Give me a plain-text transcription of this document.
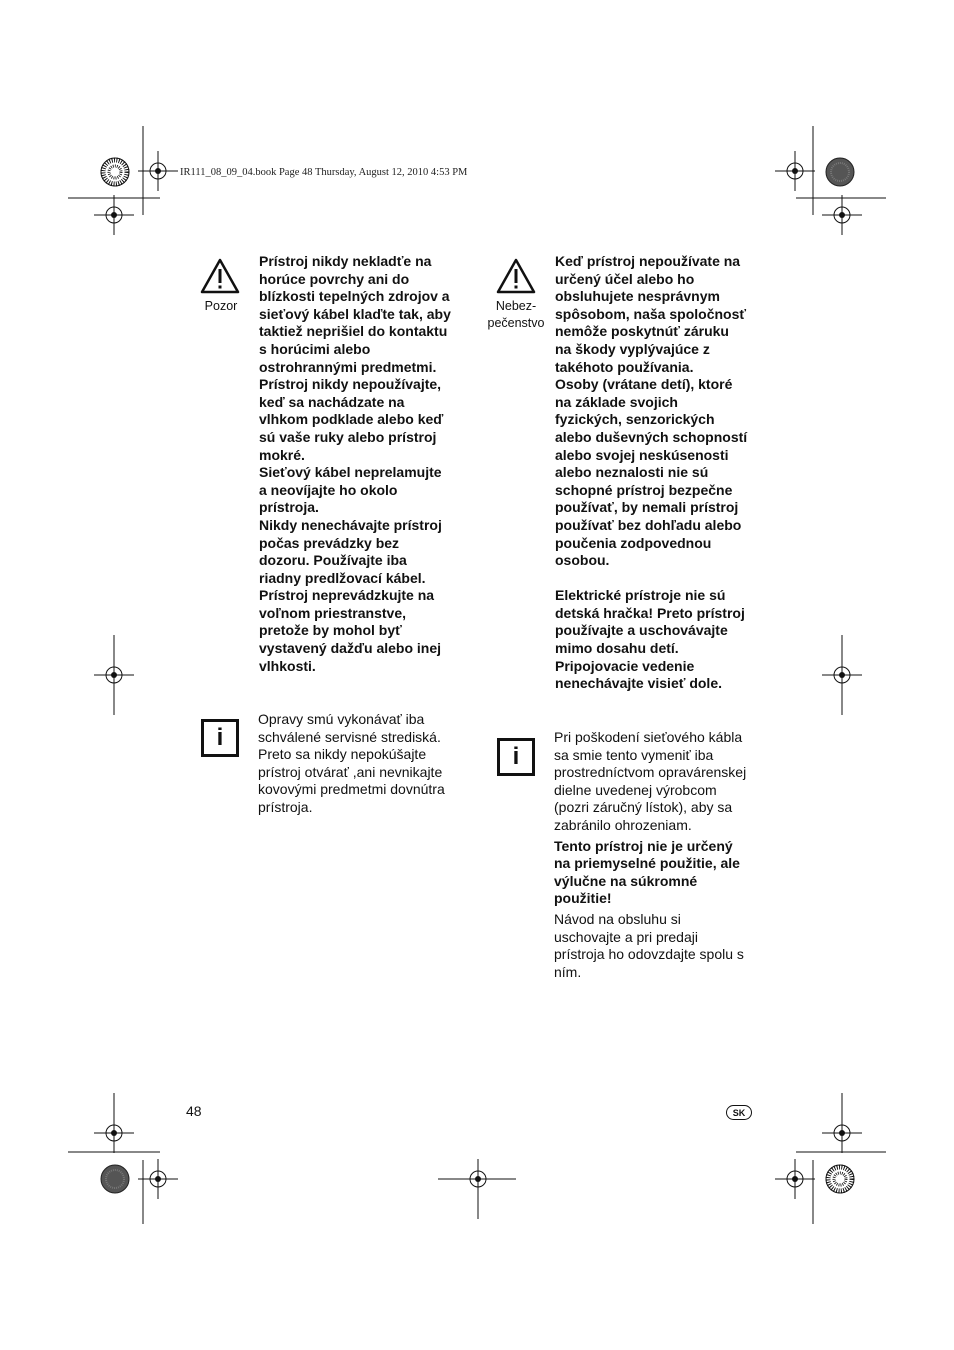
IR111_08_09_04.book Page 48 Thursday, August 12, 2010 4:53 PM
Pozor

Prístroj nikdy nekladťe na
horúce povrchy ani do
blízkosti tepelných zdrojov a
sieťový kábel klaďte tak, aby
taktiež neprišiel do kontaktu
s horúcimi alebo
ostrohrannými predmetmi.

Prístroj nikdy nepoužívajte,
keď sa nachádzate na
vlhkom podklade alebo keď
sú vaše ruky alebo prístroj
mokré.

Sieťový kábel neprelamujte
a neovíjajte ho okolo
prístroja.

Nikdy nenechávajte prístroj
počas prevádzky bez
dozoru. Používajte iba
riadny predlžovací kábel.

Prístroj neprevádzkujte na
voľnom priestranstve,
pretože by mohol byť
vystavený dažďu alebo inej
vlhkosti.

i

Opravy smú vykonávať iba
schválené servisné strediská.
Preto sa nikdy nepokúšajte
prístroj otvárať ,ani nevnikajte
kovovými predmetmi dovnútra
prístroja.

Nebez-
pečenstvo

Keď prístroj nepoužívate na
určený účel alebo ho
obsluhujete nesprávnym
spôsobom, naša spoločnosť
nemôže poskytnúť záruku
na škody vyplývajúce z
takéhoto používania.

Osoby (vrátane detí), ktoré
na základe svojich
fyzických, senzorických
alebo duševných schopností
alebo svojej neskúsenosti
alebo neznalosti nie sú
schopné prístroj bezpečne
používať, by nemali prístroj
používať bez dohľadu alebo
poučenia zodpovednou
osobou.

Elektrické prístroje nie sú
detská hračka! Preto prístroj
používajte a uschovávajte
mimo dosahu detí.

Pripojovacie vedenie
nenechávajte visieť dole.

i

Pri poškodení sieťového kábla
sa smie tento vymeniť iba
prostredníctvom opravárenskej
dielne uvedenej výrobcom
(pozri záručný lístok), aby sa
zabránilo ohrozeniam.

Tento prístroj nie je určený
na priemyselné použitie, ale
výlučne na súkromné
použitie!

Návod na obsluhu si
uschovajte a pri predaji
prístroja ho odovzdajte spolu s
ním.

48	SK
